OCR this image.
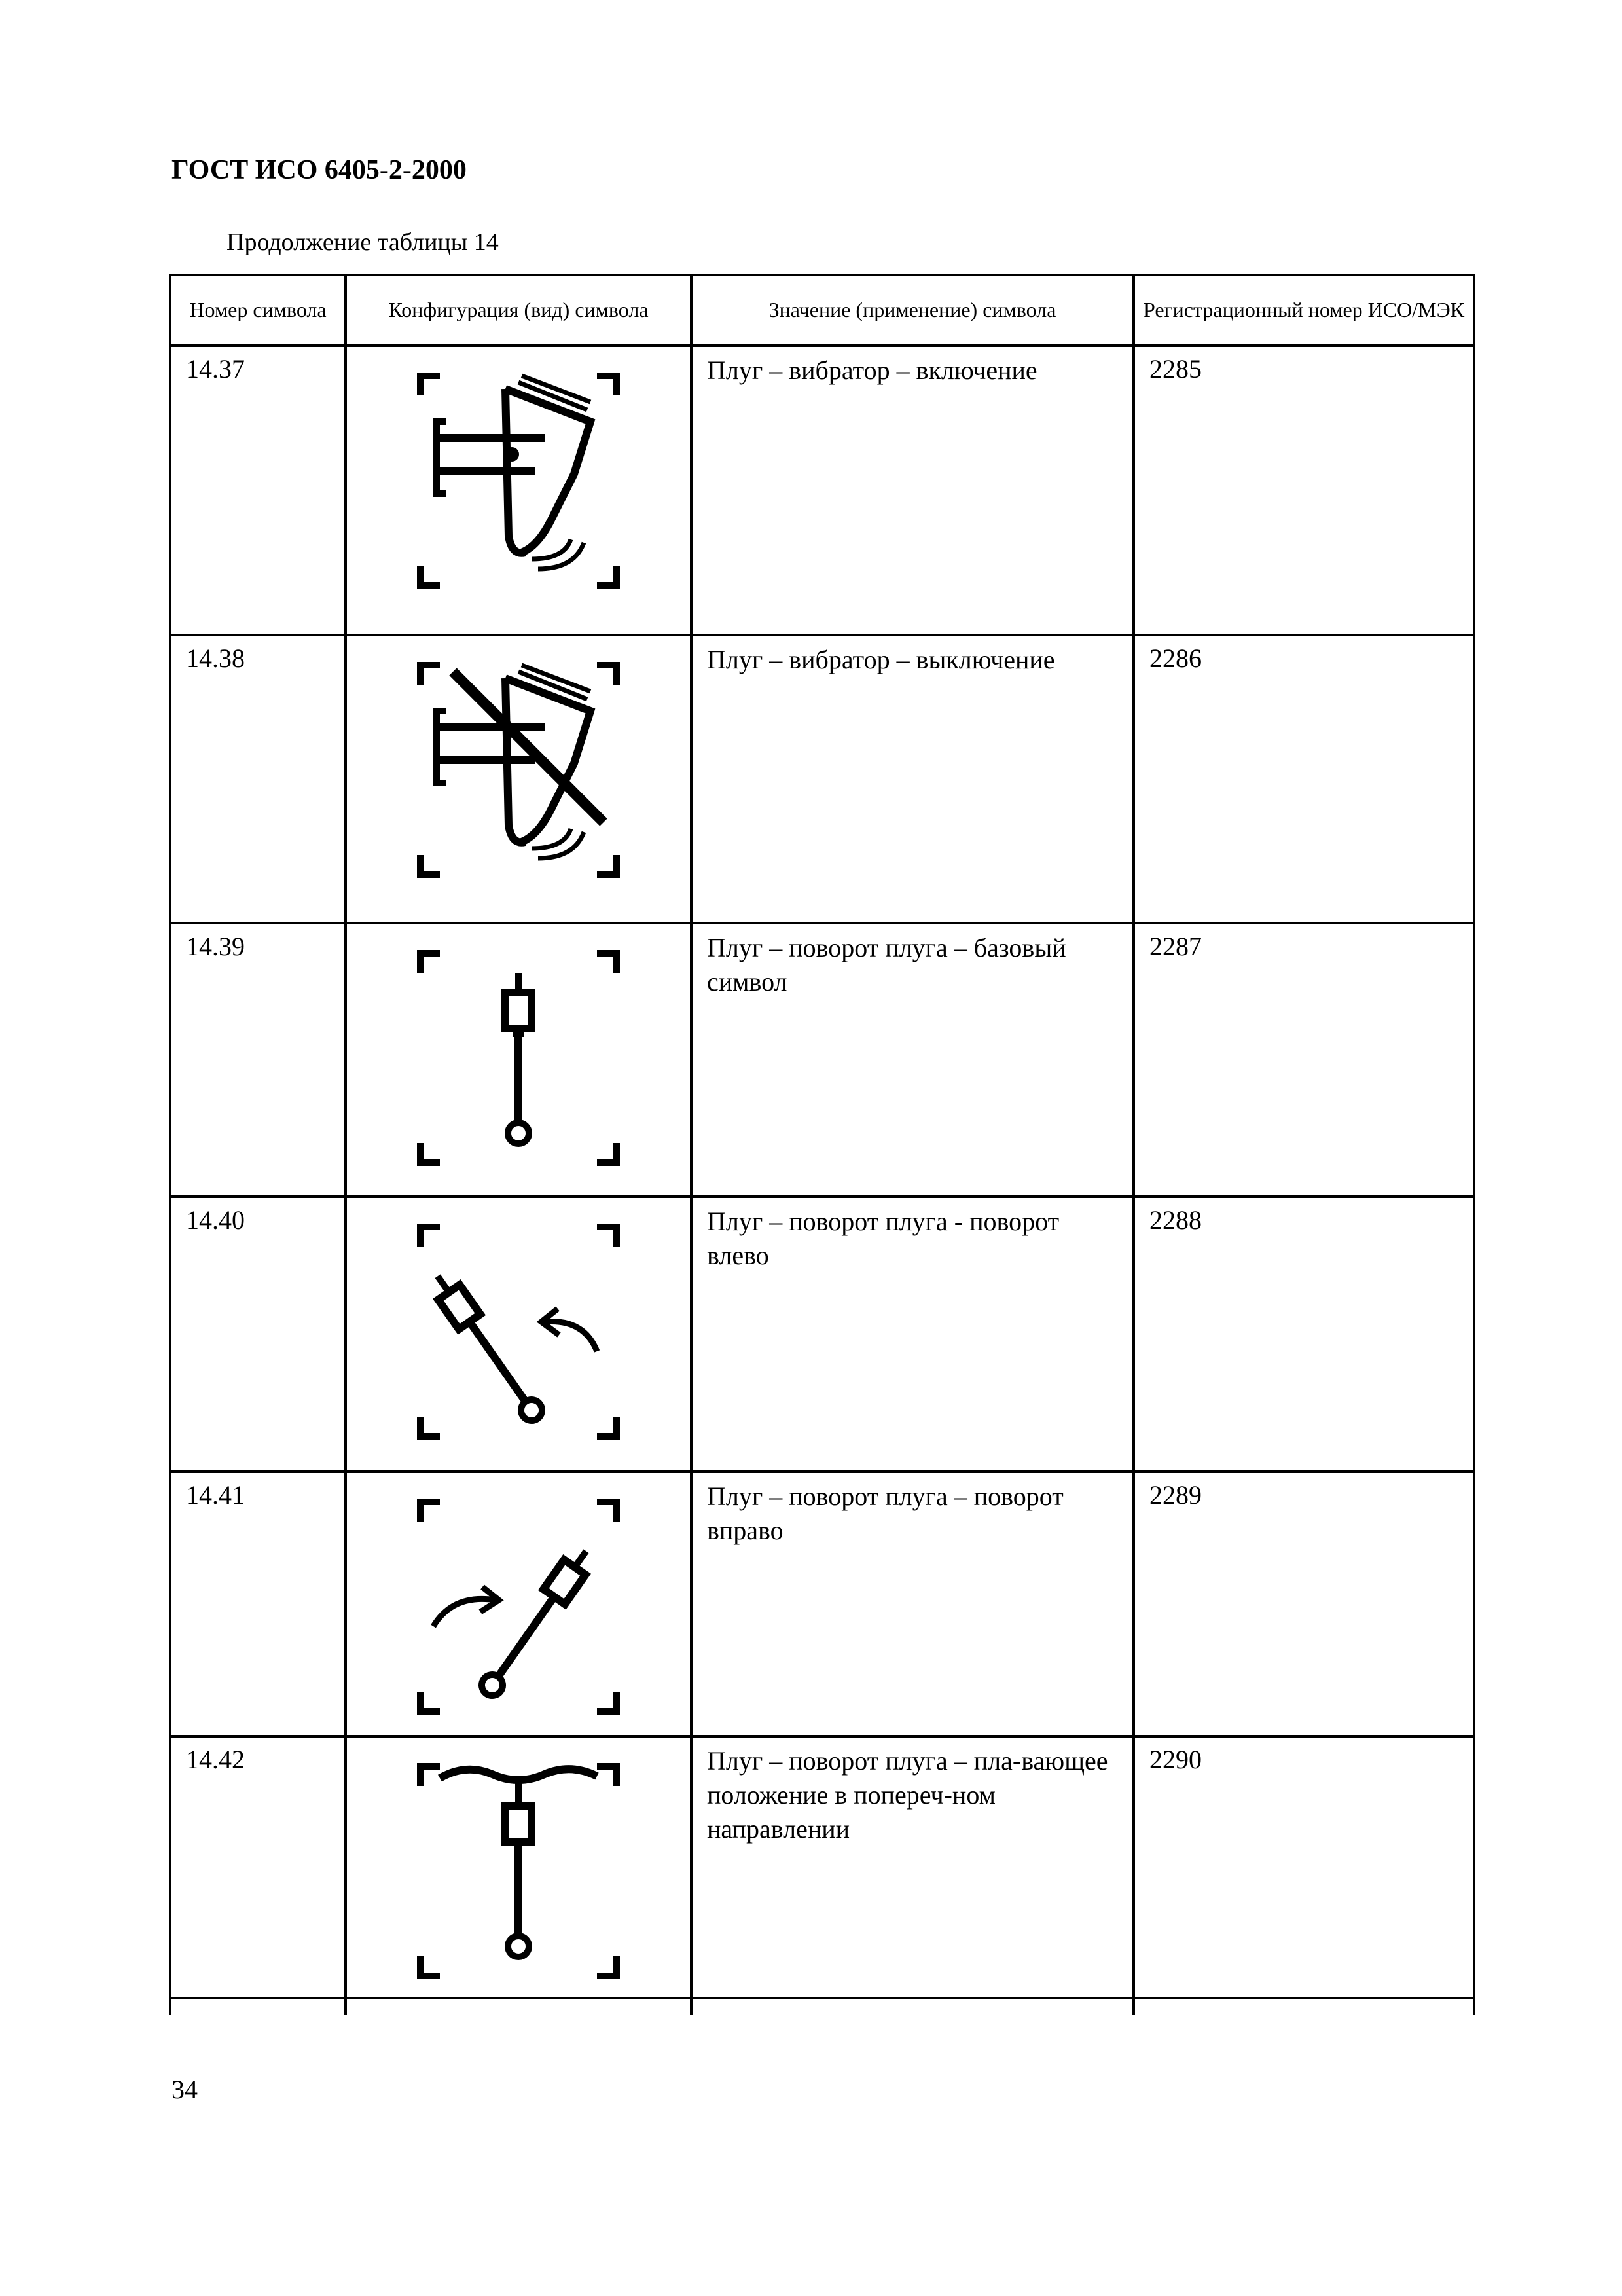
ГОСТ ИСО 6405-2-2000
Продолжение таблицы 14
Номер символа	Конфигурация (вид) символа	Значение (применение) символа	Регистрационный номер ИСО/МЭК
14.37		Плуг – вибратор – включение	2285
14.38		Плуг – вибратор – выключение	2286
14.39		Плуг – поворот плуга – базовый символ	2287
14.40		Плуг – поворот плуга - поворот влево	2288
14.41		Плуг – поворот плуга – поворот вправо	2289
14.42		Плуг – поворот плуга – пла-вающее положение в попереч-ном направлении	2290

34
